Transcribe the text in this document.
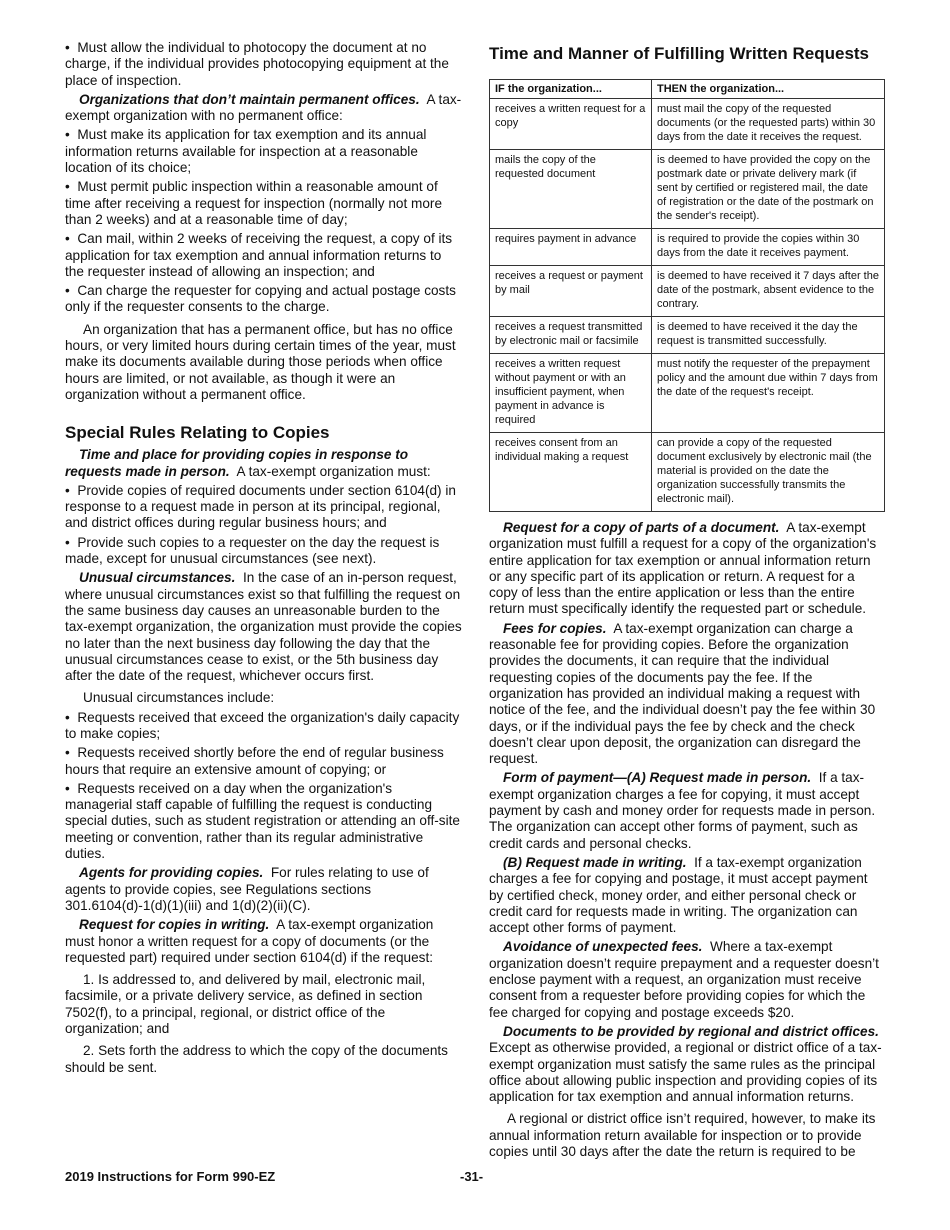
•  Must allow the individual to photocopy the document at no charge, if the individual provides photocopying equipment at the place of inspection.

Organizations that don’t maintain permanent offices. A tax-exempt organization with no permanent office:

•  Must make its application for tax exemption and its annual information returns available for inspection at a reasonable location of its choice;

•  Must permit public inspection within a reasonable amount of time after receiving a request for inspection (normally not more than 2 weeks) and at a reasonable time of day;

•  Can mail, within 2 weeks of receiving the request, a copy of its application for tax exemption and annual information returns to the requester instead of allowing an inspection; and

•  Can charge the requester for copying and actual postage costs only if the requester consents to the charge.

An organization that has a permanent office, but has no office hours, or very limited hours during certain times of the year, must make its documents available during those periods when office hours are limited, or not available, as though it were an organization without a permanent office.

Special Rules Relating to Copies

Time and place for providing copies in response to requests made in person. A tax-exempt organization must:

•  Provide copies of required documents under section 6104(d) in response to a request made in person at its principal, regional, and district offices during regular business hours; and

•  Provide such copies to a requester on the day the request is made, except for unusual circumstances (see next).

Unusual circumstances. In the case of an in-person request, where unusual circumstances exist so that fulfilling the request on the same business day causes an unreasonable burden to the tax-exempt organization, the organization must provide the copies no later than the next business day following the day that the unusual circumstances cease to exist, or the 5th business day after the date of the request, whichever occurs first.

Unusual circumstances include:

•  Requests received that exceed the organization's daily capacity to make copies;

•  Requests received shortly before the end of regular business hours that require an extensive amount of copying; or

•  Requests received on a day when the organization's managerial staff capable of fulfilling the request is conducting special duties, such as student registration or attending an off-site meeting or convention, rather than its regular administrative duties.

Agents for providing copies. For rules relating to use of agents to provide copies, see Regulations sections 301.6104(d)-1(d)(1)(iii) and 1(d)(2)(ii)(C).

Request for copies in writing. A tax-exempt organization must honor a written request for a copy of documents (or the requested part) required under section 6104(d) if the request:

1. Is addressed to, and delivered by mail, electronic mail, facsimile, or a private delivery service, as defined in section 7502(f), to a principal, regional, or district office of the organization; and

2. Sets forth the address to which the copy of the documents should be sent.

Time and Manner of Fulfilling Written Requests
IF the organization...	THEN the organization...
receives a written request for a copy	must mail the copy of the requested documents (or the requested parts) within 30 days from the date it receives the request.
mails the copy of the requested document	is deemed to have provided the copy on the postmark date or private delivery mark (if sent by certified or registered mail, the date of registration or the date of the postmark on the sender's receipt).
requires payment in advance	is required to provide the copies within 30 days from the date it receives payment.
receives a request or payment by mail	is deemed to have received it 7 days after the date of the postmark, absent evidence to the contrary.
receives a request transmitted by electronic mail or facsimile	is deemed to have received it the day the request is transmitted successfully.
receives a written request without payment or with an insufficient payment, when payment in advance is required	must notify the requester of the prepayment policy and the amount due within 7 days from the date of the request's receipt.
receives consent from an individual making a request	can provide a copy of the requested document exclusively by electronic mail (the material is provided on the date the organization successfully transmits the electronic mail).

Request for a copy of parts of a document. A tax-exempt organization must fulfill a request for a copy of the organization's entire application for tax exemption or annual information return or any specific part of its application or return. A request for a copy of less than the entire application or less than the entire return must specifically identify the requested part or schedule.

Fees for copies. A tax-exempt organization can charge a reasonable fee for providing copies. Before the organization provides the documents, it can require that the individual requesting copies of the documents pay the fee. If the organization has provided an individual making a request with notice of the fee, and the individual doesn’t pay the fee within 30 days, or if the individual pays the fee by check and the check doesn’t clear upon deposit, the organization can disregard the request.

Form of payment—(A) Request made in person. If a tax-exempt organization charges a fee for copying, it must accept payment by cash and money order for requests made in person. The organization can accept other forms of payment, such as credit cards and personal checks.

(B) Request made in writing. If a tax-exempt organization charges a fee for copying and postage, it must accept payment by certified check, money order, and either personal check or credit card for requests made in writing. The organization can accept other forms of payment.

Avoidance of unexpected fees. Where a tax-exempt organization doesn’t require prepayment and a requester doesn’t enclose payment with a request, an organization must receive consent from a requester before providing copies for which the fee charged for copying and postage exceeds $20.

Documents to be provided by regional and district offices.  Except as otherwise provided, a regional or district office of a tax-exempt organization must satisfy the same rules as the principal office about allowing public inspection and providing copies of its application for tax exemption and annual information returns.

A regional or district office isn’t required, however, to make its annual information return available for inspection or to provide copies until 30 days after the date the return is required to be

2019 Instructions for Form 990-EZ	-31-
